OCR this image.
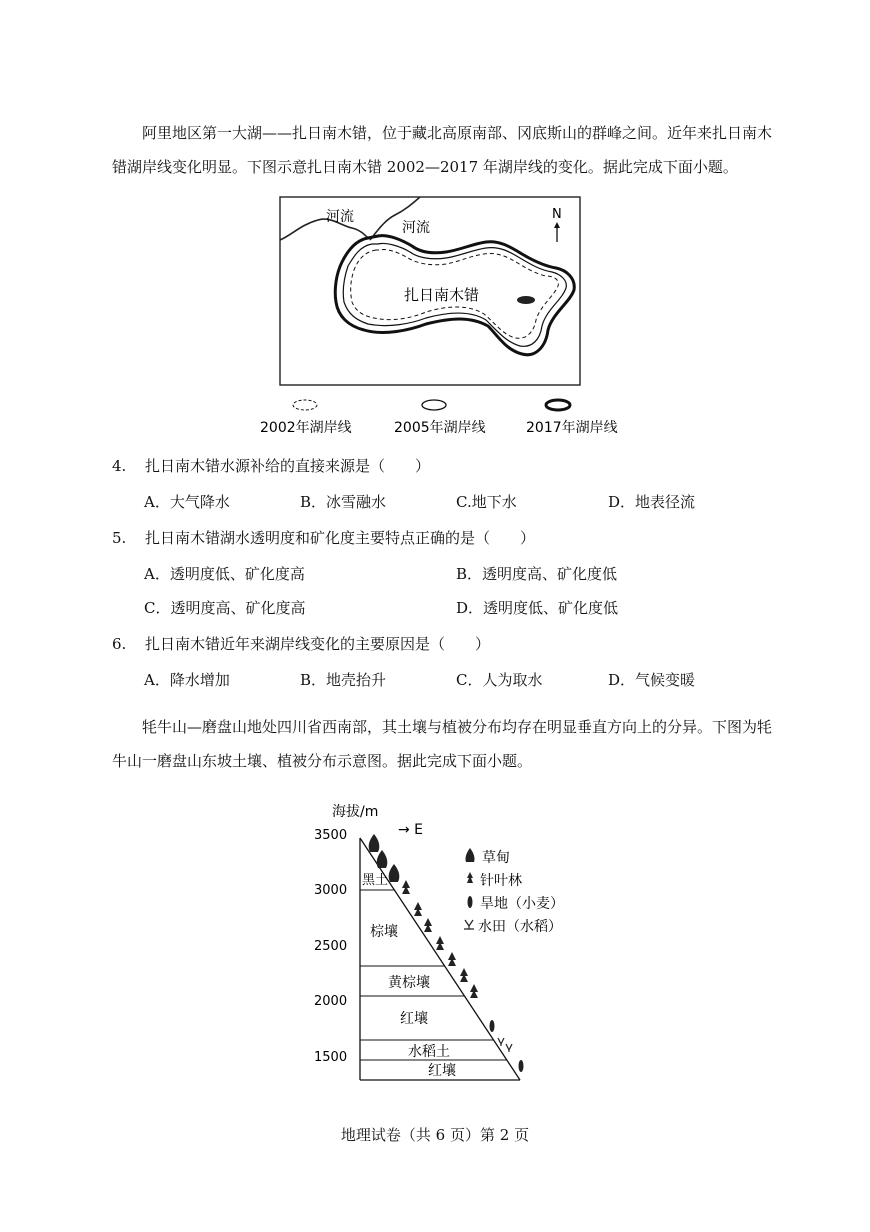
阿里地区第一大湖——扎日南木错，位于藏北高原南部、冈底斯山的群峰之间。近年来扎日南木错湖岸线变化明显。下图示意扎日南木错 2002—2017 年湖岸线的变化。据此完成下面小题。

河流
河流
N
扎日南木错
2002年湖岸线	2005年湖岸线	2017年湖岸线
4. 扎日南木错水源补给的直接来源是（　　）
A．大气降水	B．冰雪融水	C.地下水	D．地表径流
5. 扎日南木错湖水透明度和矿化度主要特点正确的是（　　）
A．透明度低、矿化度高	B．透明度高、矿化度低
C．透明度高、矿化度高	D．透明度低、矿化度低
6. 扎日南木错近年来湖岸线变化的主要原因是（　　）
A．降水增加	B．地壳抬升	C．人为取水	D．气候变暖

牦牛山—磨盘山地处四川省西南部，其土壤与植被分布均存在明显垂直方向上的分异。下图为牦牛山一磨盘山东坡土壤、植被分布示意图。据此完成下面小题。

海拔/m
→ E
3500
3000
2500
2000
1500
黑土
棕壤
黄棕壤
红壤
水稻土
红壤
草甸
针叶林
旱地（小麦）
水田（水稻）
地理试卷（共 6 页）第 2 页
